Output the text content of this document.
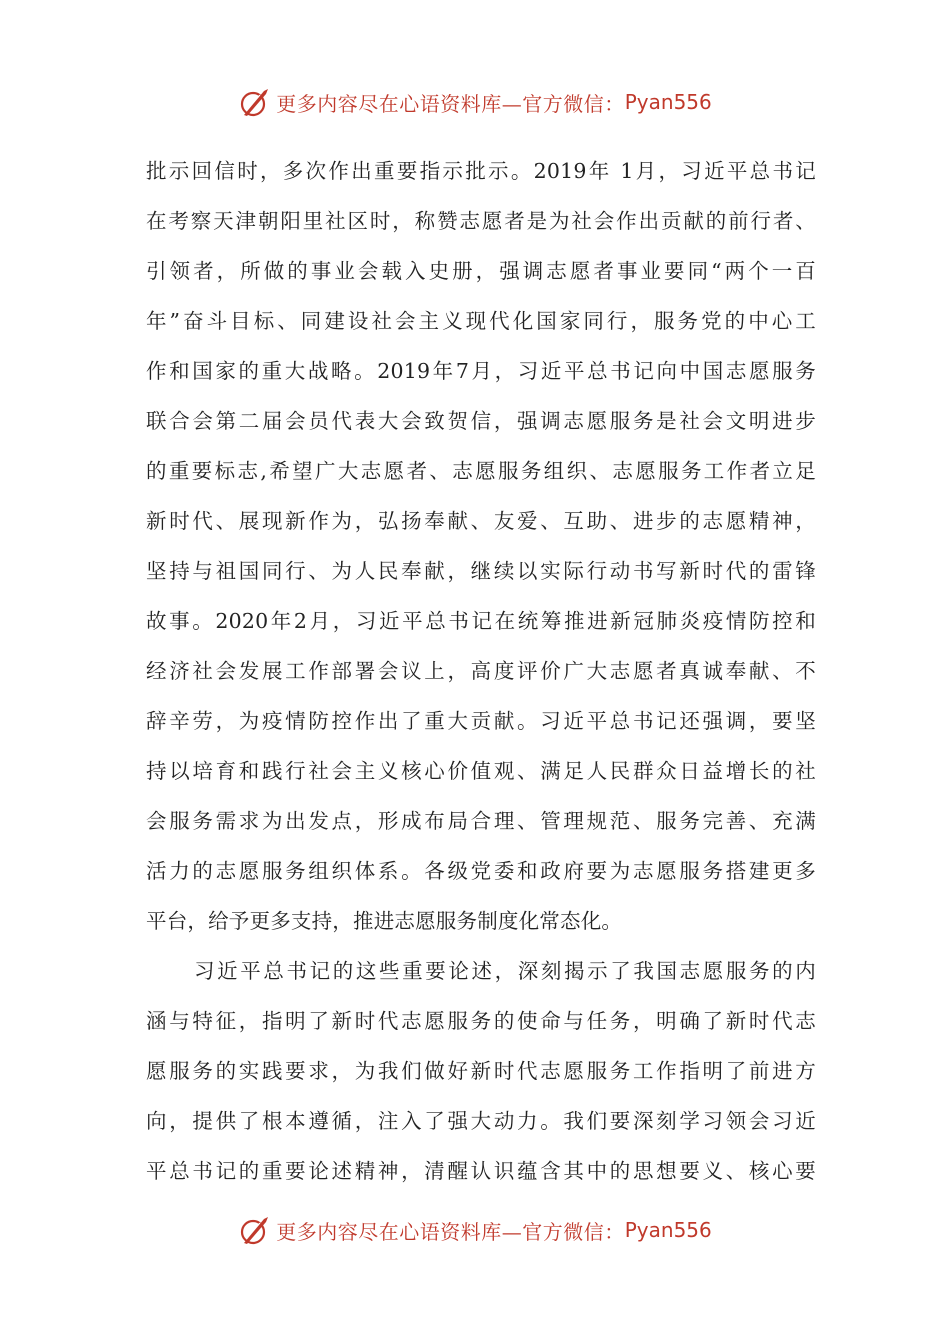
更多内容尽在心语资料库—官方微信： Pyan556
批示回信时，多次作出重要指示批示。2019年 1月，习近平总书记
在考察天津朝阳里社区时，称赞志愿者是为社会作出贡献的前行者、
引领者，所做的事业会载入史册，强调志愿者事业要同“两个一百
年”奋斗目标、同建设社会主义现代化国家同行，服务党的中心工
作和国家的重大战略。2019年7月，习近平总书记向中国志愿服务
联合会第二届会员代表大会致贺信，强调志愿服务是社会文明进步
的重要标志,希望广大志愿者、志愿服务组织、志愿服务工作者立足
新时代、展现新作为，弘扬奉献、友爱、互助、进步的志愿精神，
坚持与祖国同行、为人民奉献，继续以实际行动书写新时代的雷锋
故事。2020年2月，习近平总书记在统筹推进新冠肺炎疫情防控和
经济社会发展工作部署会议上，高度评价广大志愿者真诚奉献、不
辞辛劳，为疫情防控作出了重大贡献。习近平总书记还强调，要坚
持以培育和践行社会主义核心价值观、满足人民群众日益增长的社
会服务需求为出发点，形成布局合理、管理规范、服务完善、充满
活力的志愿服务组织体系。各级党委和政府要为志愿服务搭建更多
平台，给予更多支持，推进志愿服务制度化常态化。
习近平总书记的这些重要论述，深刻揭示了我国志愿服务的内
涵与特征，指明了新时代志愿服务的使命与任务，明确了新时代志
愿服务的实践要求，为我们做好新时代志愿服务工作指明了前进方
向，提供了根本遵循，注入了强大动力。我们要深刻学习领会习近
平总书记的重要论述精神，清醒认识蕴含其中的思想要义、核心要
更多内容尽在心语资料库—官方微信： Pyan556
